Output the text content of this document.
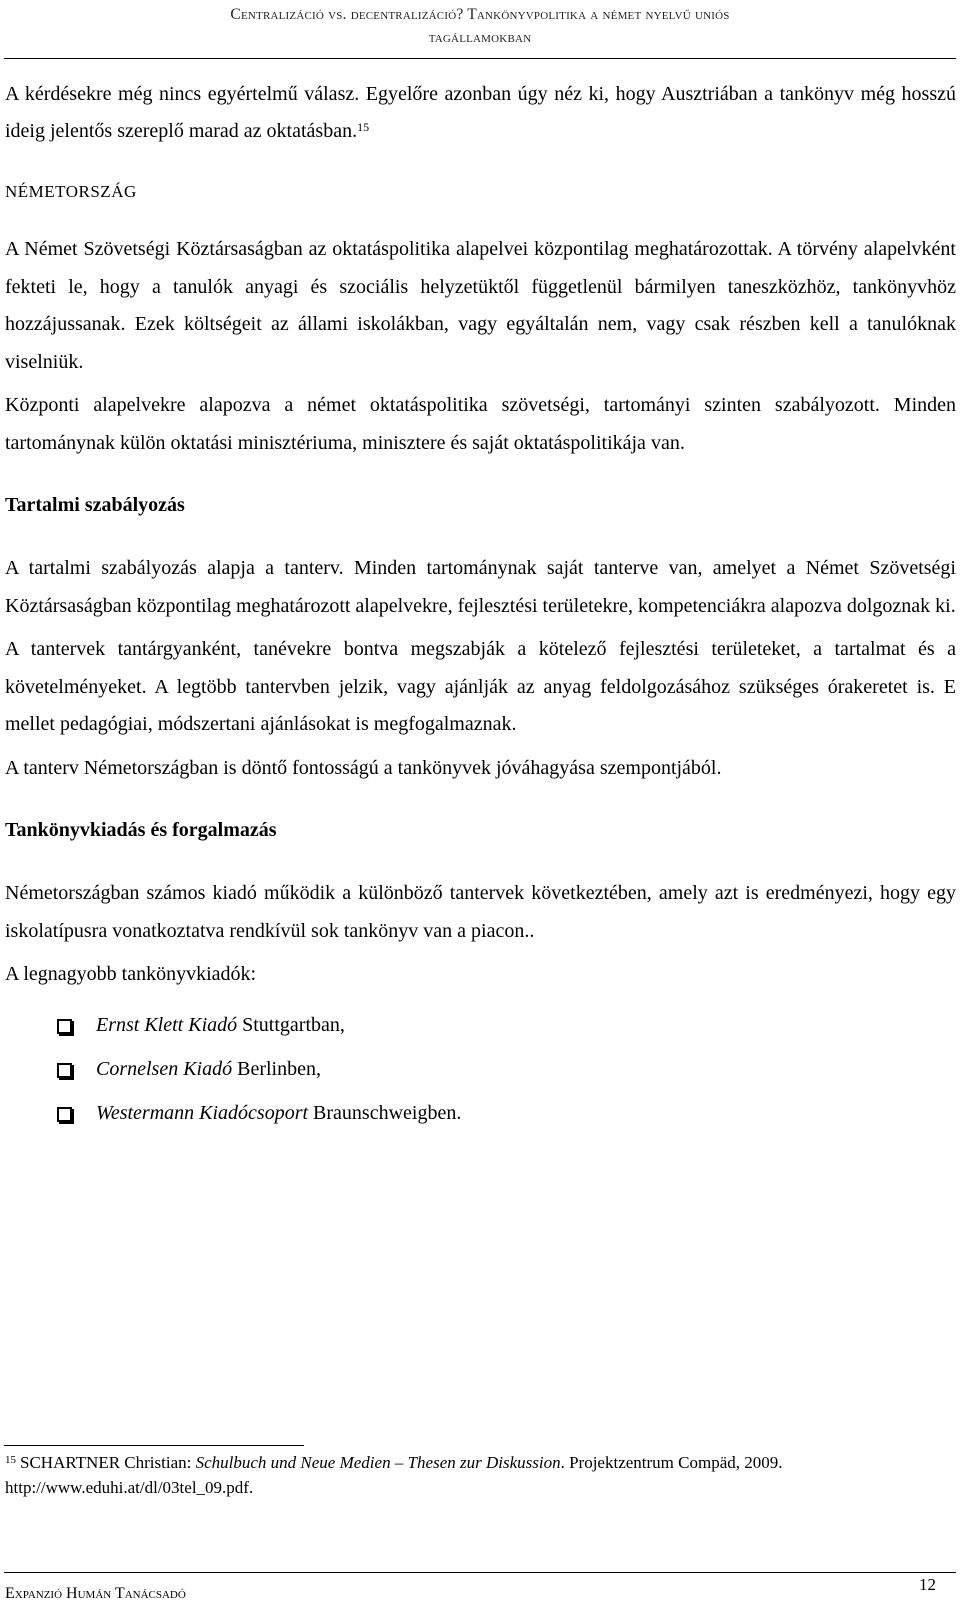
Centralizáció vs. decentralizáció? Tankönyvpolitika a német nyelvű uniós
tagállamokban

A kérdésekre még nincs egyértelmű válasz. Egyelőre azonban úgy néz ki, hogy Ausztriában a tankönyv még hosszú ideig jelentős szereplő marad az oktatásban.$^{15}$

NÉMETORSZÁG

A Német Szövetségi Köztársaságban az oktatáspolitika alapelvei központilag meghatározottak. A törvény alapelvként fekteti le, hogy a tanulók anyagi és szociális helyzetüktől függetlenül bármilyen taneszközhöz, tankönyvhöz hozzájussanak. Ezek költségeit az állami iskolákban, vagy egyáltalán nem, vagy csak részben kell a tanulóknak viselniük.

Központi alapelvekre alapozva a német oktatáspolitika szövetségi, tartományi szinten szabályozott. Minden tartománynak külön oktatási minisztériuma, minisztere és saját oktatáspolitikája van.

Tartalmi szabályozás

A tartalmi szabályozás alapja a tanterv. Minden tartománynak saját tanterve van, amelyet a Német Szövetségi Köztársaságban központilag meghatározott alapelvekre, fejlesztési területekre, kompetenciákra alapozva dolgoznak ki.

A tantervek tantárgyanként, tanévekre bontva megszabják a kötelező fejlesztési területeket, a tartalmat és a követelményeket. A legtöbb tantervben jelzik, vagy ajánlják az anyag feldolgozásához szükséges órakeretet is. E mellet pedagógiai, módszertani ajánlásokat is megfogalmaznak.

A tanterv Németországban is döntő fontosságú a tankönyvek jóváhagyása szempontjából.

Tankönyvkiadás és forgalmazás

Németországban számos kiadó működik a különböző tantervek következtében, amely azt is eredményezi, hogy egy iskolatípusra vonatkoztatva rendkívül sok tankönyv van a piacon..

A legnagyobb tankönyvkiadók:
Ernst Klett Kiadó Stuttgartban,
Cornelsen Kiadó Berlinben,
Westermann Kiadócsoport Braunschweigben.
$^{15}$ SCHARTNER Christian: Schulbuch und Neue Medien – Thesen zur Diskussion. Projektzentrum Compäd, 2009. http://www.eduhi.at/dl/03tel_09.pdf.
Expanzió Humán Tanácsadó	12
